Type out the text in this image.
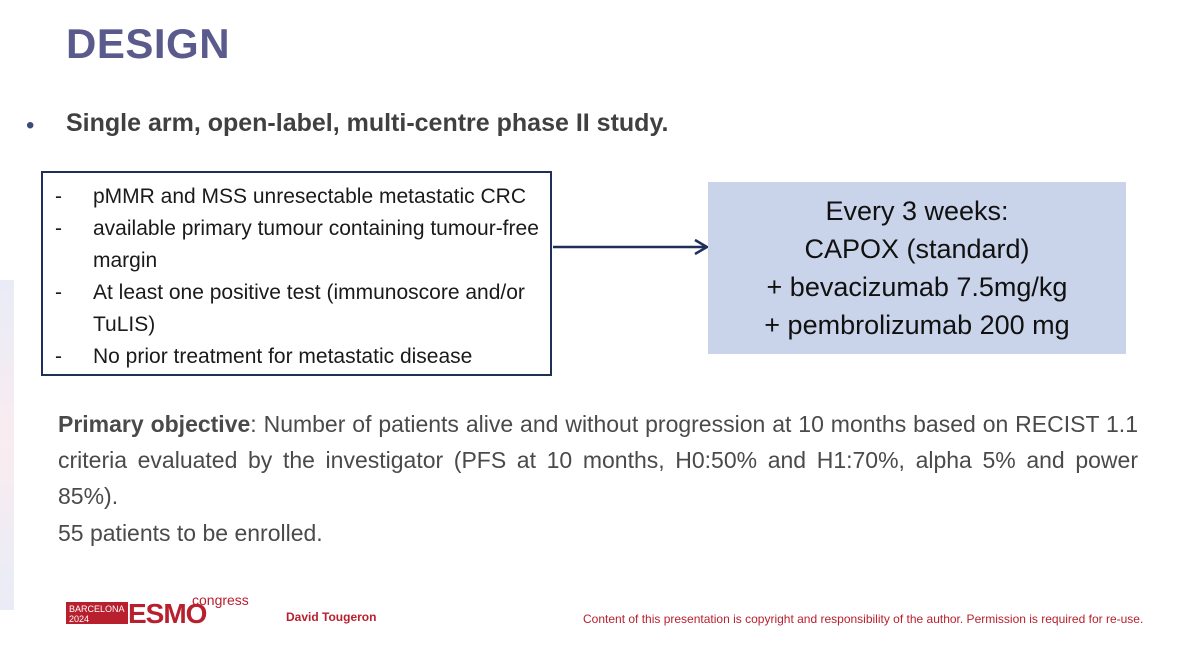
DESIGN
• Single arm, open-label, multi-centre phase II study.
-	pMMR and MSS unresectable metastatic CRC
-	available primary tumour containing tumour-free margin
-	At least one positive test (immunoscore and/or TuLIS)
-	No prior treatment for metastatic disease
Every 3 weeks:
CAPOX (standard)
+ bevacizumab 7.5mg/kg
+ pembrolizumab 200 mg
Primary objective: Number of patients alive and without progression at 10 months based on RECIST 1.1 criteria evaluated by the investigator (PFS at 10 months, H0:50% and H1:70%, alpha 5% and power 85%).
55 patients to be enrolled.
BARCELONA
2024	ESMO
congress
David Tougeron	Content of this presentation is copyright and responsibility of the author. Permission is required for re-use.
